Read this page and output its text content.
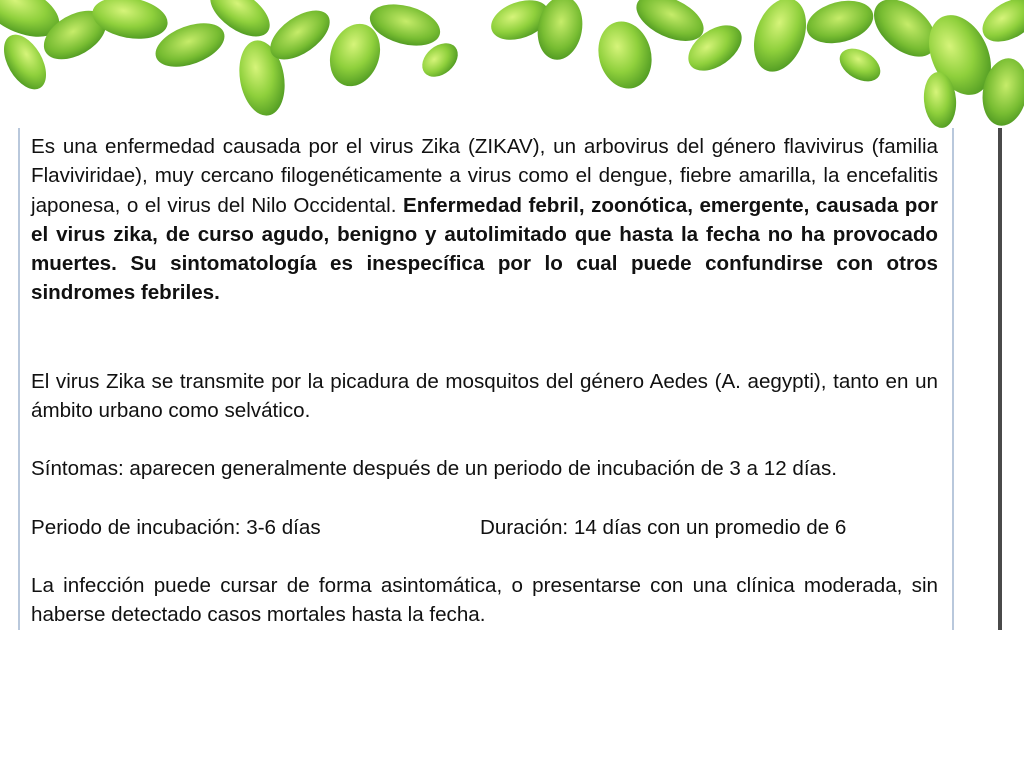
Es una enfermedad causada por el virus Zika (ZIKAV), un arbovirus del género flavivirus (familia Flaviviridae), muy cercano filogenéticamente a virus como el dengue, fiebre amarilla, la encefalitis japonesa, o el virus del Nilo Occidental. Enfermedad febril, zoonótica, emergente, causada por el virus zika, de curso agudo, benigno y autolimitado que hasta la fecha no ha provocado muertes. Su sintomatología es inespecífica por lo cual puede confundirse con otros sindromes febriles.
El virus Zika se transmite por la picadura de mosquitos del género Aedes (A. aegypti), tanto en un ámbito urbano como selvático.
Síntomas: aparecen generalmente después de un periodo de incubación de 3 a 12 días.
Periodo de incubación: 3-6 días	Duración: 14 días con un promedio de 6
La infección puede cursar de forma asintomática, o presentarse con una clínica moderada, sin haberse detectado casos mortales hasta la fecha.
